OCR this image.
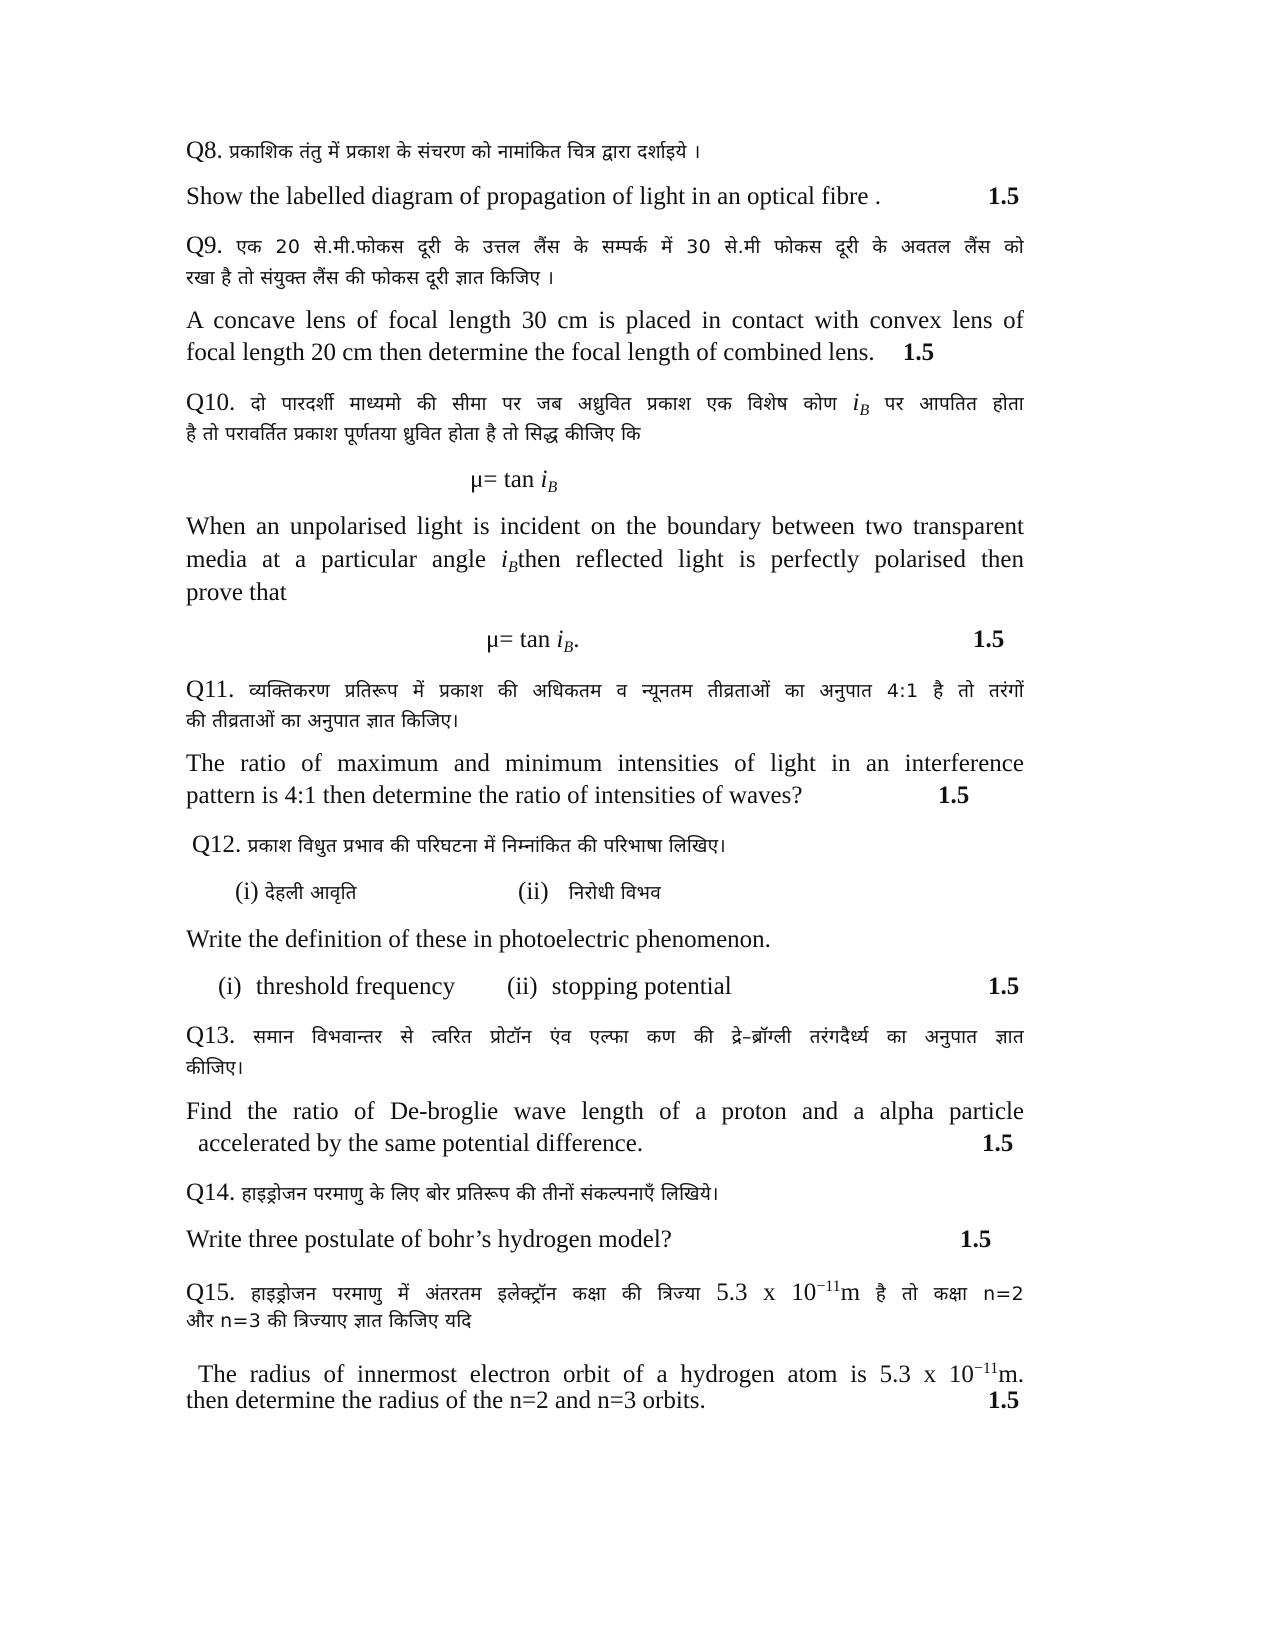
Q8. प्रकाशिक तंतु में प्रकाश के संचरण को नामांकित चित्र द्वारा दर्शाइये ।
Show the labelled diagram of propagation of light in an optical fibre .	1.5
Q9. एक 20 से.मी.फोकस दूरी के उत्तल लैंस के सम्पर्क में 30 से.मी फोकस दूरी के अवतल लैंस को
रखा है तो संयुक्त लैंस की फोकस दूरी ज्ञात किजिए ।
A concave lens of focal length 30 cm is placed in contact with convex lens of
focal length 20 cm then determine the focal length of combined lens. 1.5
Q10. दो पारदर्शी माध्यमो की सीमा पर जब अध्रुवित प्रकाश एक विशेष कोण $i_B$ पर आपतित होता
है तो परावर्तित प्रकाश पूर्णतया ध्रुवित होता है तो सिद्ध कीजिए कि
$\mu= \tan i_B$
When an unpolarised light is incident on the boundary between two transparent
media at a particular angle $i_Bthen$ reflected light is perfectly polarised then
prove that
$\mu= \tan i_B$.	1.5
Q11. व्यक्तिकरण प्रतिरूप में प्रकाश की अधिकतम व न्यूनतम तीव्रताओं का अनुपात 4:1 है तो तरंगों
की तीव्रताओं का अनुपात ज्ञात किजिए।
The ratio of maximum and minimum intensities of light in an interference
pattern is 4:1 then determine the ratio of intensities of waves?	1.5
Q12. प्रकाश विधुत प्रभाव की परिघटना में निम्नांकित की परिभाषा लिखिए।
(i) देहली आवृति	(ii) निरोधी विभव
Write the definition of these in photoelectric phenomenon.
(i) threshold frequency	(ii) stopping potential	1.5
Q13. समान विभवान्तर से त्वरित प्रोटॉन एंव एल्फा कण की द्रे–ब्रॉग्ली तरंगदैर्ध्य का अनुपात ज्ञात
कीजिए।
Find the ratio of De-broglie wave length of a proton and a alpha particle
accelerated by the same potential difference.	1.5
Q14. हाइड्रोजन परमाणु के लिए बोर प्रतिरूप की तीनों संकल्पनाएँ लिखिये।
Write three postulate of bohr’s hydrogen model?	1.5
Q15. हाइड्रोजन परमाणु में अंतरतम इलेक्ट्रॉन कक्षा की त्रिज्या 5.3 x $10^{-11}m$ है तो कक्षा n=2
और n=3 की त्रिज्याए ज्ञात किजिए यदि
The radius of innermost electron orbit of a hydrogen atom is 5.3 x $10^{-11}m$.
then determine the radius of the n=2 and n=3 orbits.	1.5
